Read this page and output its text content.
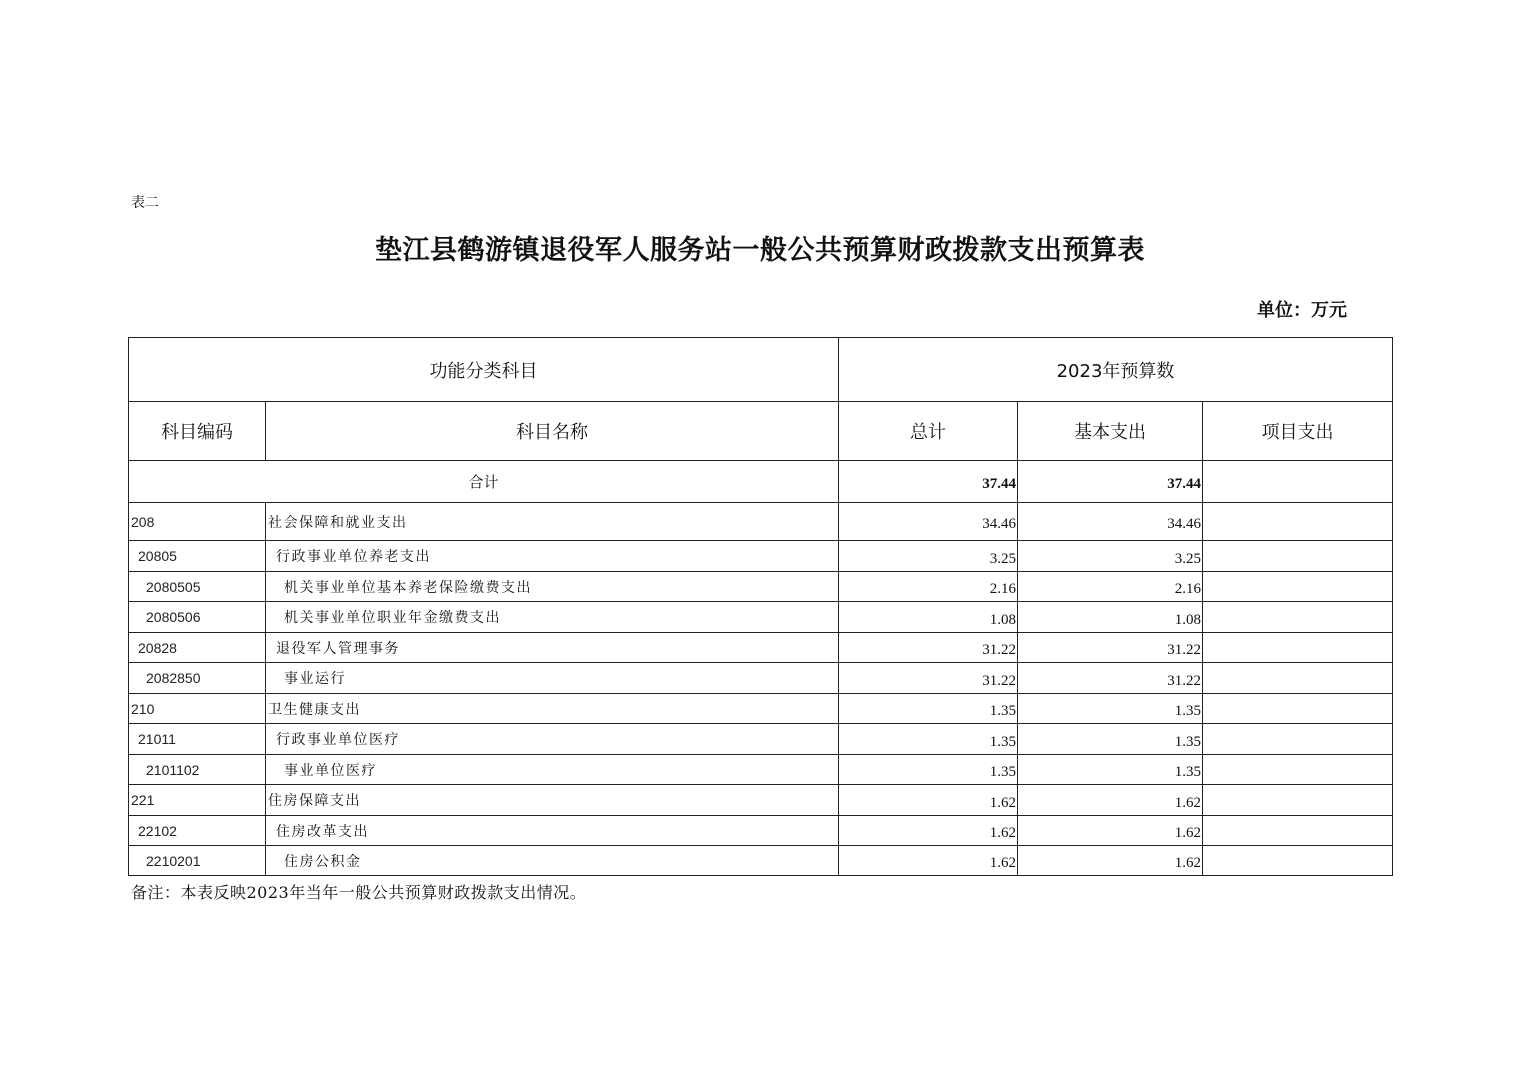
表二
垫江县鹤游镇退役军人服务站一般公共预算财政拨款支出预算表
单位：万元
功能分类科目		2023年预算数		
科目编码	科目名称	总计	基本支出	项目支出
合计		37.44	37.44	
208	社会保障和就业支出	34.46	34.46	
20805	行政事业单位养老支出	3.25	3.25	
2080505	机关事业单位基本养老保险缴费支出	2.16	2.16	
2080506	机关事业单位职业年金缴费支出	1.08	1.08	
20828	退役军人管理事务	31.22	31.22	
2082850	事业运行	31.22	31.22	
210	卫生健康支出	1.35	1.35	
21011	行政事业单位医疗	1.35	1.35	
2101102	事业单位医疗	1.35	1.35	
221	住房保障支出	1.62	1.62	
22102	住房改革支出	1.62	1.62	
2210201	住房公积金	1.62	1.62	
备注：本表反映2023年当年一般公共预算财政拨款支出情况。
